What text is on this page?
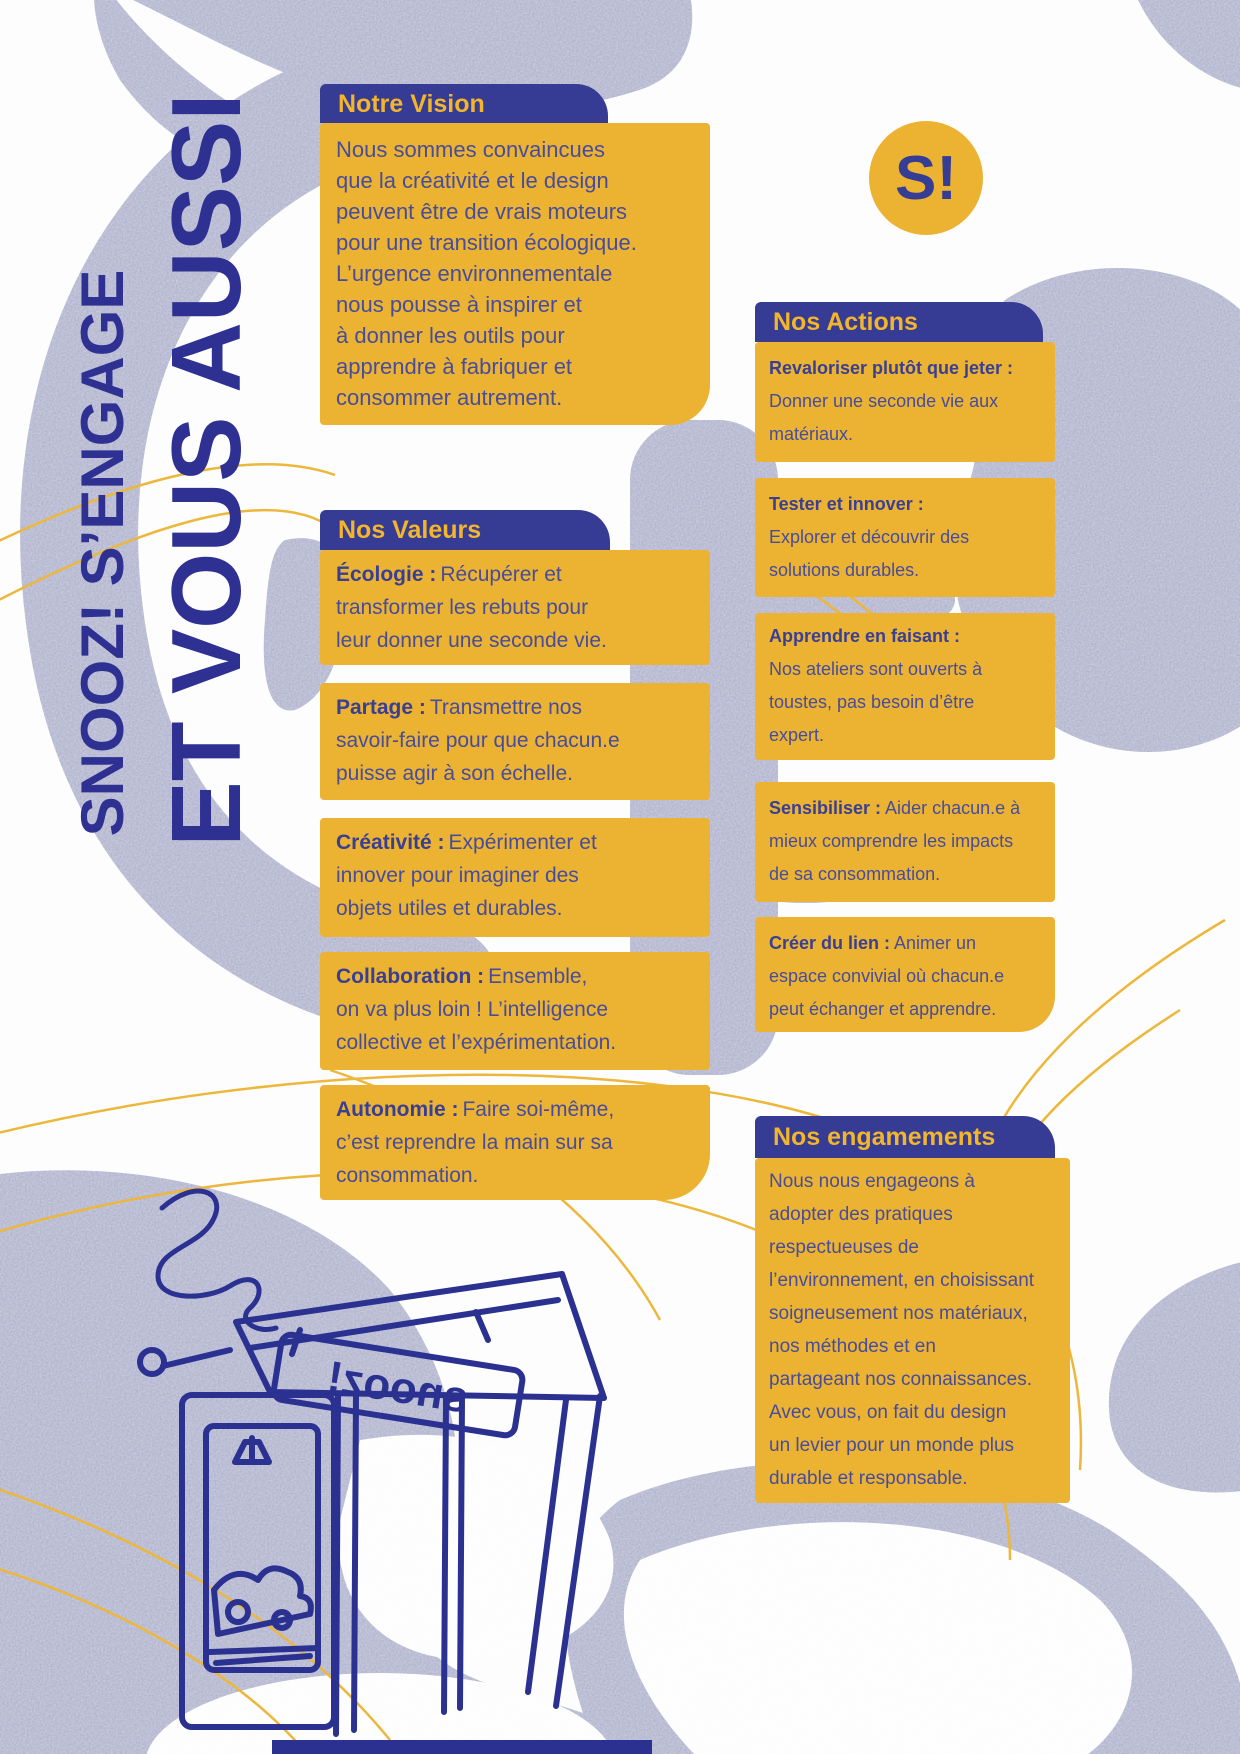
snooz!
SNOOZ! S’ENGAGE ET VOUS AUSSI	S!
Notre Vision
Nous sommes convaincues
que la créativité et le design
peuvent être de vrais moteurs
pour une transition écologique.
L’urgence environnementale
nous pousse à inspirer et
à donner les outils pour
apprendre à fabriquer et
consommer autrement.
Nos Valeurs
Écologie : Récupérer et
transformer les rebuts pour
leur donner une seconde vie.
Partage : Transmettre nos
savoir-faire pour que chacun.e
puisse agir à son échelle.
Créativité : Expérimenter et
innover pour imaginer des
objets utiles et durables.
Collaboration : Ensemble,
on va plus loin ! L’intelligence
collective et l’expérimentation.
Autonomie : Faire soi-même,
c’est reprendre la main sur sa
consommation.
Nos Actions
Revaloriser plutôt que jeter :
Donner une seconde vie aux
matériaux.
Tester et innover :
Explorer et découvrir des
solutions durables.
Apprendre en faisant :
Nos ateliers sont ouverts à
toustes, pas besoin d’être
expert.
Sensibiliser : Aider chacun.e à
mieux comprendre les impacts
de sa consommation.
Créer du lien : Animer un
espace convivial où chacun.e
peut échanger et apprendre.
Nos engamements
Nous nous engageons à
adopter des pratiques
respectueuses de
l’environnement, en choisissant
soigneusement nos matériaux,
nos méthodes et en
partageant nos connaissances.
Avec vous, on fait du design
un levier pour un monde plus
durable et responsable.
